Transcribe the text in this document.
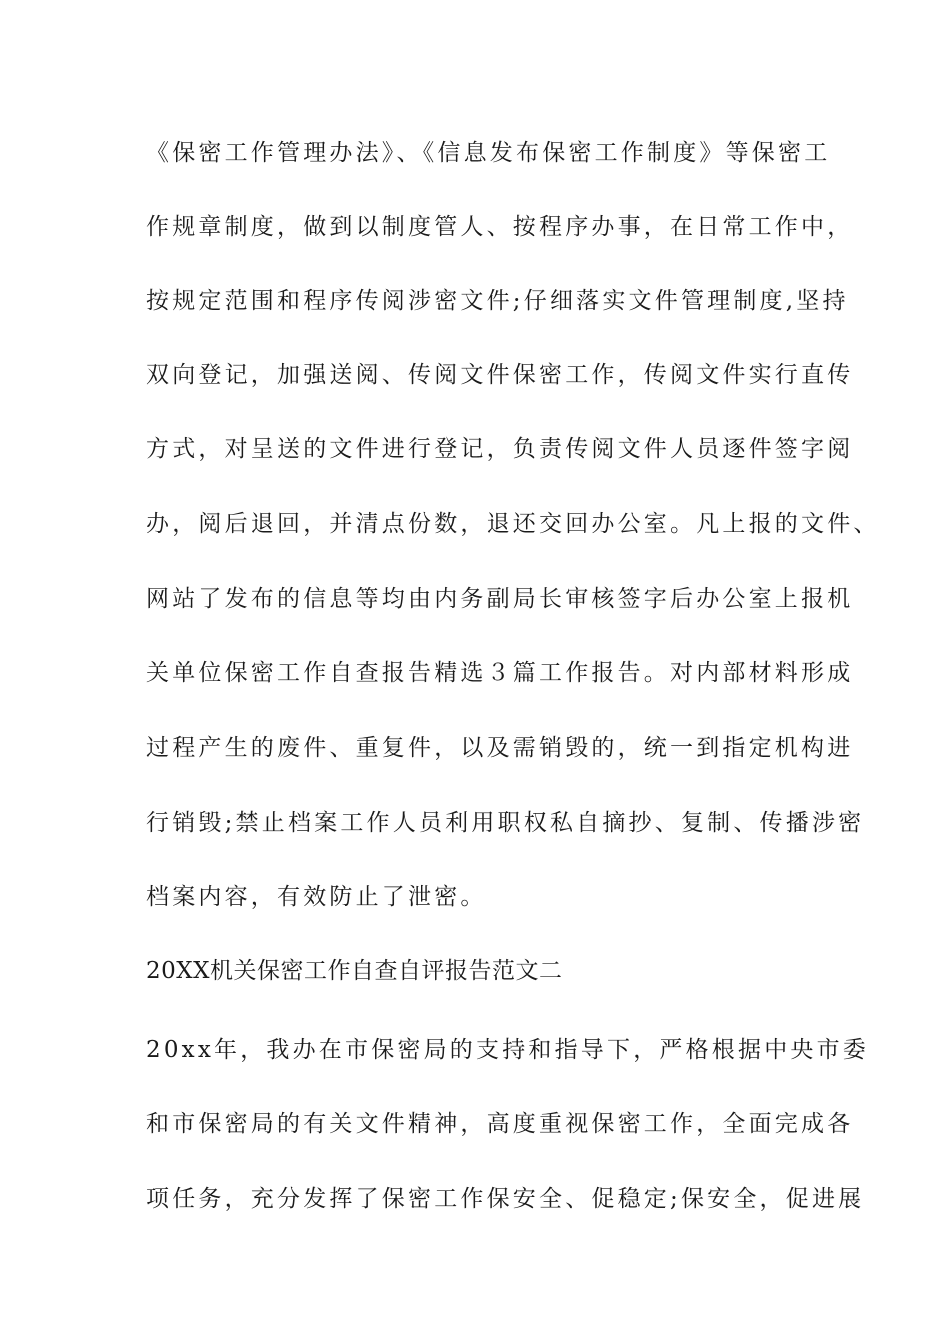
《保密工作管理办法》、《信息发布保密工作制度》等保密工
作规章制度，做到以制度管人、按程序办事，在日常工作中，
按规定范围和程序传阅涉密文件;仔细落实文件管理制度,坚持
双向登记，加强送阅、传阅文件保密工作，传阅文件实行直传
方式，对呈送的文件进行登记，负责传阅文件人员逐件签字阅
办，阅后退回，并清点份数，退还交回办公室。凡上报的文件、
网站了发布的信息等均由内务副局长审核签字后办公室上报机
关单位保密工作自查报告精选３篇工作报告。对内部材料形成
过程产生的废件、重复件，以及需销毁的，统一到指定机构进
行销毁;禁止档案工作人员利用职权私自摘抄、复制、传播涉密
档案内容，有效防止了泄密。
20XX机关保密工作自查自评报告范文二
20xx年，我办在市保密局的支持和指导下，严格根据中央市委
和市保密局的有关文件精神，高度重视保密工作，全面完成各
项任务，充分发挥了保密工作保安全、促稳定;保安全，促进展
